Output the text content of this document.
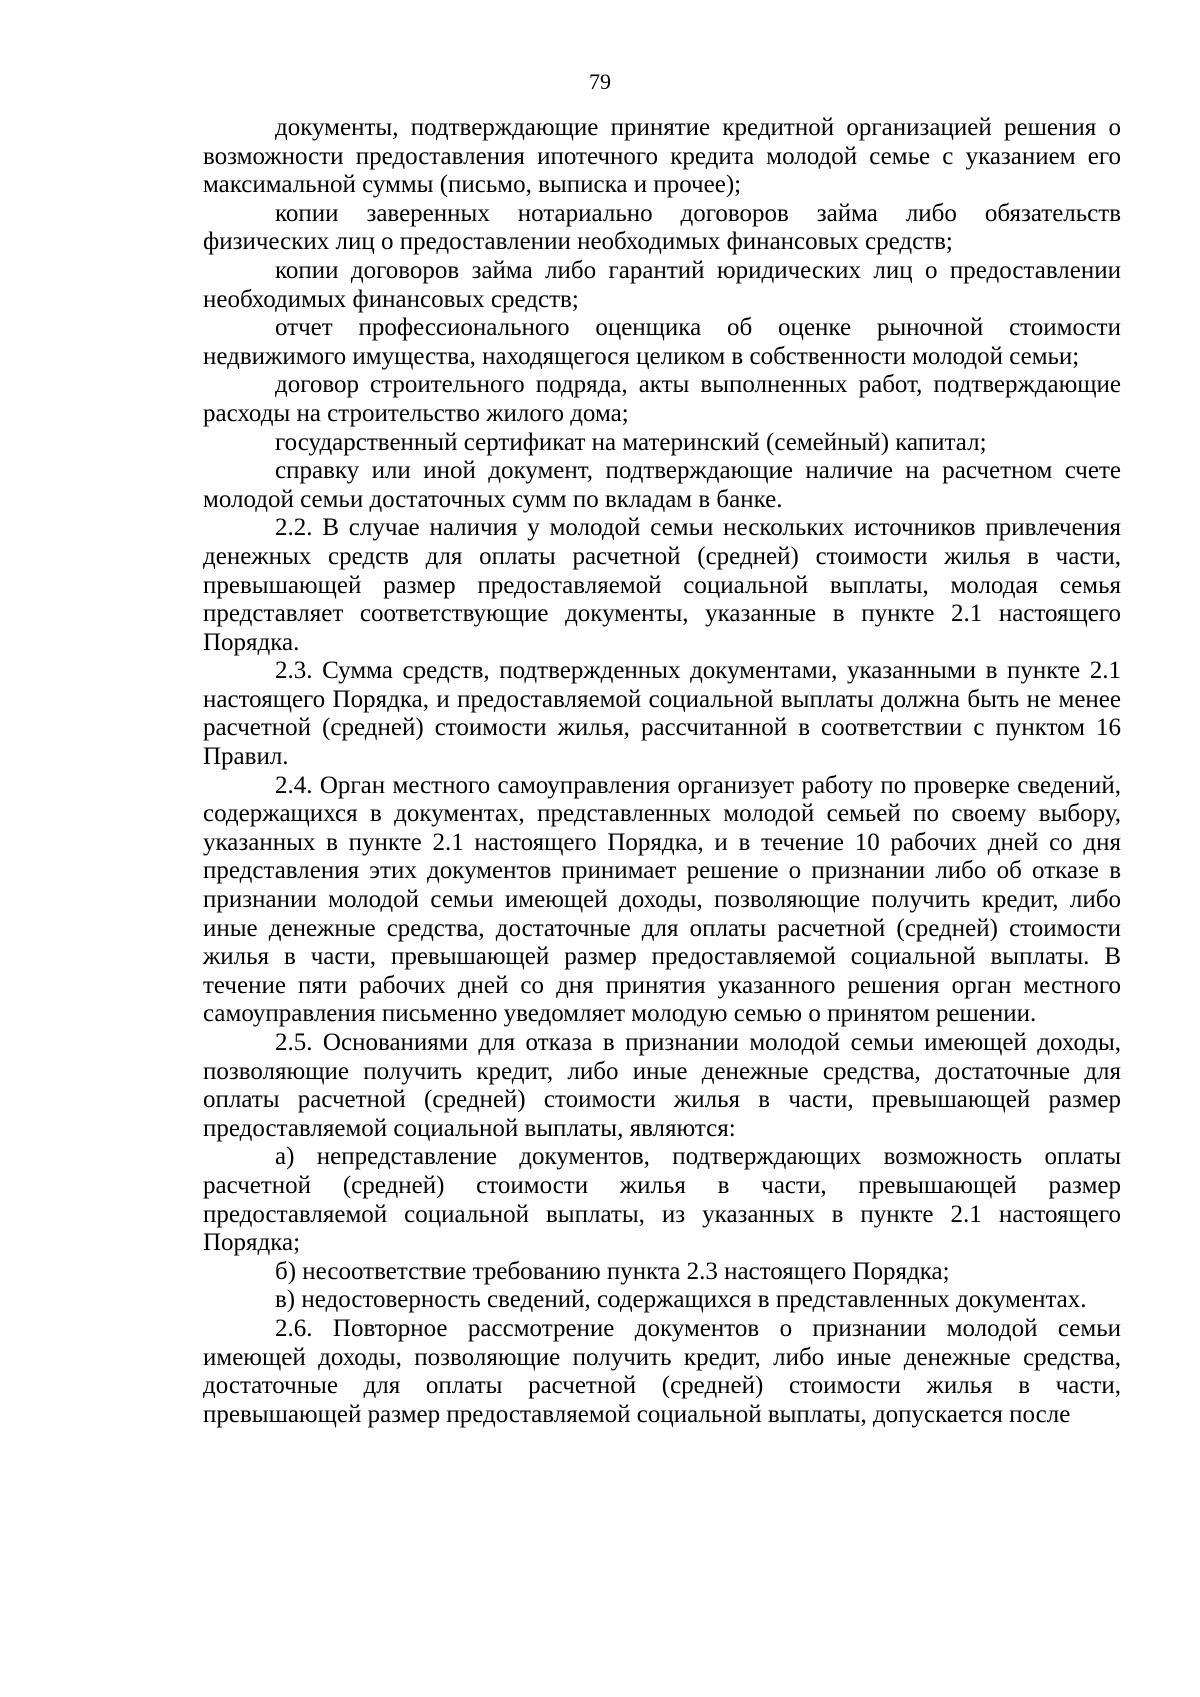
79

документы, подтверждающие принятие кредитной организацией решения о возможности предоставления ипотечного кредита молодой семье с указанием его максимальной суммы (письмо, выписка и прочее);

копии заверенных нотариально договоров займа либо обязательств физических лиц о предоставлении необходимых финансовых средств;

копии договоров займа либо гарантий юридических лиц о предоставлении необходимых финансовых средств;

отчет профессионального оценщика об оценке рыночной стоимости недвижимого имущества, находящегося целиком в собственности молодой семьи;

договор строительного подряда, акты выполненных работ, подтверждающие расходы на строительство жилого дома;

государственный сертификат на материнский (семейный) капитал;

справку или иной документ, подтверждающие наличие на расчетном счете молодой семьи достаточных сумм по вкладам в банке.

2.2. В случае наличия у молодой семьи нескольких источников привлечения денежных средств для оплаты расчетной (средней) стоимости жилья в части, превышающей размер предоставляемой социальной выплаты, молодая семья представляет соответствующие документы, указанные в пункте 2.1 настоящего Порядка.

2.3. Сумма средств, подтвержденных документами, указанными в пункте 2.1 настоящего Порядка, и предоставляемой социальной выплаты должна быть не менее расчетной (средней) стоимости жилья, рассчитанной в соответствии с пунктом 16 Правил.

2.4. Орган местного самоуправления организует работу по проверке сведений, содержащихся в документах, представленных молодой семьей по своему выбору, указанных в пункте 2.1 настоящего Порядка, и в течение 10 рабочих дней со дня представления этих документов принимает решение о признании либо об отказе в признании молодой семьи имеющей доходы, позволяющие получить кредит, либо иные денежные средства, достаточные для оплаты расчетной (средней) стоимости жилья в части, превышающей размер предоставляемой социальной выплаты. В течение пяти рабочих дней со дня принятия указанного решения орган местного самоуправления письменно уведомляет молодую семью о принятом решении.

2.5. Основаниями для отказа в признании молодой семьи имеющей доходы, позволяющие получить кредит, либо иные денежные средства, достаточные для оплаты расчетной (средней) стоимости жилья в части, превышающей размер предоставляемой социальной выплаты, являются:

а) непредставление документов, подтверждающих возможность оплаты расчетной (средней) стоимости жилья в части, превышающей размер предоставляемой социальной выплаты, из указанных в пункте 2.1 настоящего Порядка;

б) несоответствие требованию пункта 2.3 настоящего Порядка;

в) недостоверность сведений, содержащихся в представленных документах.

2.6. Повторное рассмотрение документов о признании молодой семьи имеющей доходы, позволяющие получить кредит, либо иные денежные средства, достаточные для оплаты расчетной (средней) стоимости жилья в части, превышающей размер предоставляемой социальной выплаты, допускается после
